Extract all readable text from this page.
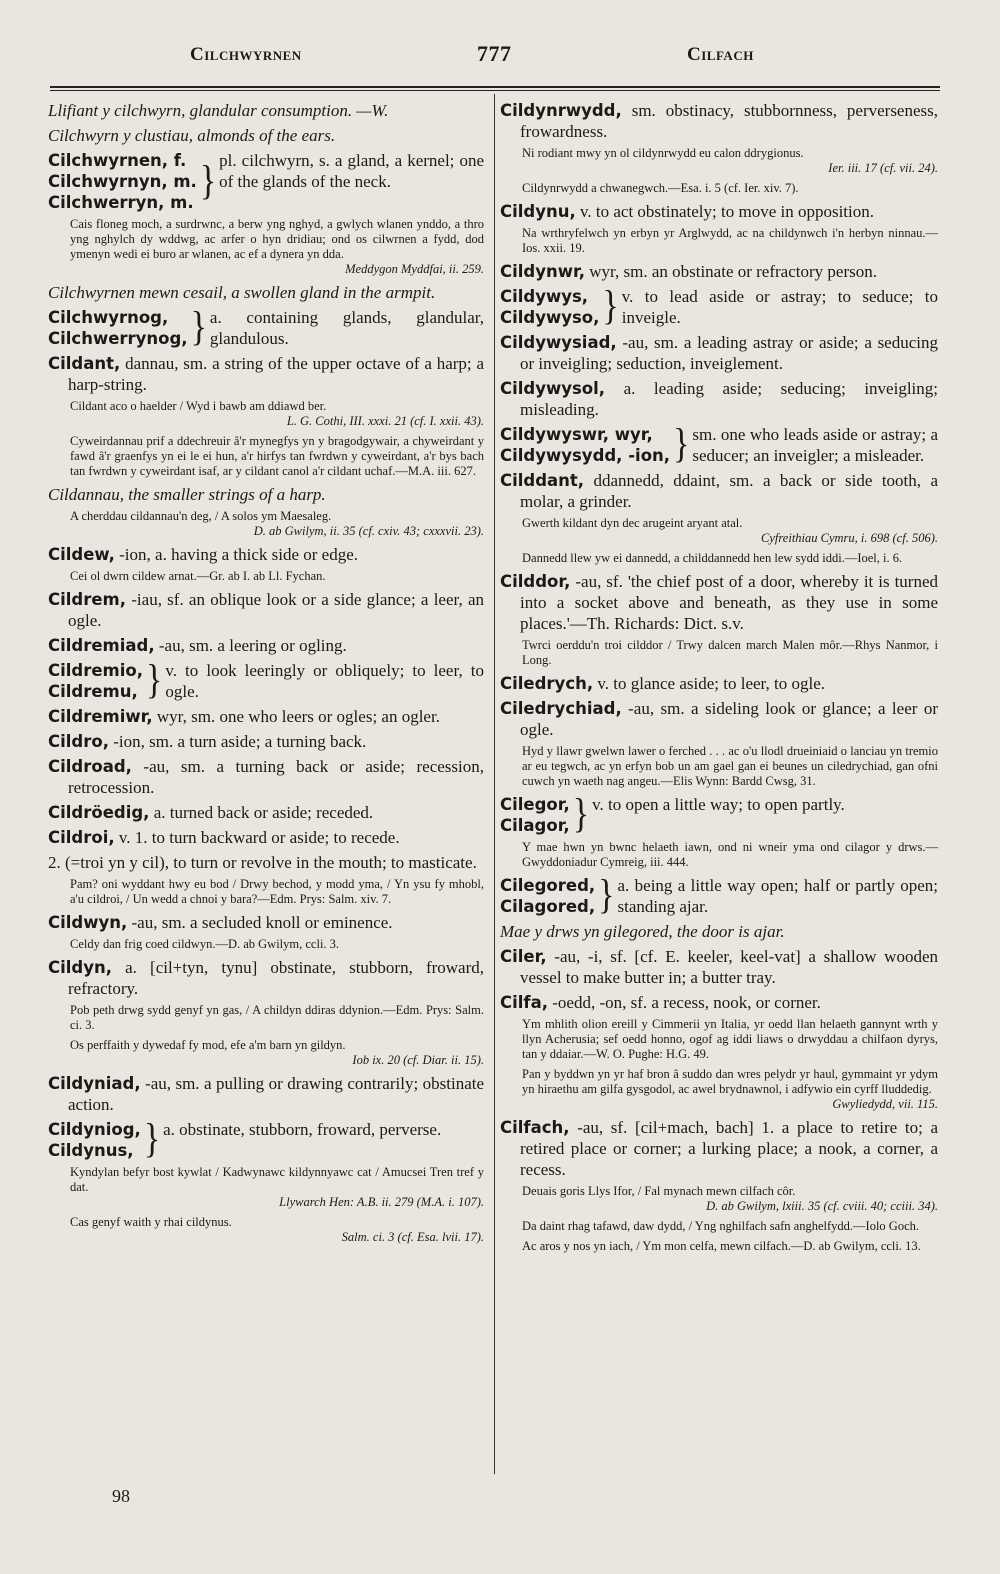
Cilchwyrnen	777	Cilfach
Llifiant y cilchwyrn, glandular consumption. —W.
Cilchwyrn y clustiau, almonds of the ears.
Cilchwyrnen, f.
Cilchwyrnyn, m.
Cilchwerryn, m. } pl. cilchwyrn, s. a gland, a kernel; one of the glands of the neck.
Cais floneg moch, a surdrwnc, a berw yng nghyd, a gwlych wlanen ynddo, a thro yng nghylch dy wddwg, ac arfer o hyn dridiau; ond os cilwrnen a fydd, dod ymenyn wedi ei buro ar wlanen, ac ef a dynera yn dda.
Meddygon Myddfai, ii. 259.
Cilchwyrnen mewn cesail, a swollen gland in the armpit.
Cilchwyrnog,
Cilchwerrynog, } a. containing glands, glandular, glandulous.
Cildant, dannau, sm. a string of the upper octave of a harp; a harp-string.
Cildant aco o haelder / Wyd i bawb am ddiawd ber.
L. G. Cothi, III. xxxi. 21 (cf. I. xxii. 43).
Cyweirdannau prif a ddechreuir â'r mynegfys yn y bragodgywair, a chyweirdant y fawd â'r graenfys yn ei le ei hun, a'r hirfys tan fwrdwn y cyweirdant, a'r bys bach tan fwrdwn y cyweirdant isaf, ar y cildant canol a'r cildant uchaf.—M.A. iii. 627.
Cildannau, the smaller strings of a harp.
A cherddau cildannau'n deg, / A solos ym Maesaleg.
D. ab Gwilym, ii. 35 (cf. cxiv. 43; cxxxvii. 23).
Cildew, -ion, a. having a thick side or edge.
Cei ol dwrn cildew arnat.—Gr. ab I. ab Ll. Fychan.
Cildrem, -iau, sf. an oblique look or a side glance; a leer, an ogle.
Cildremiad, -au, sm. a leering or ogling.
Cildremio,
Cildremu, } v. to look leeringly or obliquely; to leer, to ogle.
Cildremiwr, wyr, sm. one who leers or ogles; an ogler.
Cildro, -ion, sm. a turn aside; a turning back.
Cildroad, -au, sm. a turning back or aside; recession, retrocession.
Cildröedig, a. turned back or aside; receded.
Cildroi, v. 1. to turn backward or aside; to recede.
2. (=troi yn y cil), to turn or revolve in the mouth; to masticate.
Pam? oni wyddant hwy eu bod / Drwy bechod, y modd yma, / Yn ysu fy mhobl, a'u cildroi, / Un wedd a chnoi y bara?—Edm. Prys: Salm. xiv. 7.
Cildwyn, -au, sm. a secluded knoll or eminence.
Celdy dan frig coed cildwyn.—D. ab Gwilym, ccli. 3.
Cildyn, a. [cil+tyn, tynu] obstinate, stubborn, froward, refractory.
Pob peth drwg sydd genyf yn gas, / A childyn ddiras ddynion.—Edm. Prys: Salm. ci. 3.
Os perffaith y dywedaf fy mod, efe a'm barn yn gildyn.
Iob ix. 20 (cf. Diar. ii. 15).
Cildyniad, -au, sm. a pulling or drawing contrarily; obstinate action.
Cildyniog,
Cildynus, } a. obstinate, stubborn, froward, perverse.
Kyndylan befyr bost kywlat / Kadwynawc kildynnyawc cat / Amucsei Tren tref y dat.
Llywarch Hen: A.B. ii. 279 (M.A. i. 107).
Cas genyf waith y rhai cildynus.
Salm. ci. 3 (cf. Esa. lvii. 17).
Cildynrwydd, sm. obstinacy, stubbornness, perverseness, frowardness.
Ni rodiant mwy yn ol cildynrwydd eu calon ddrygionus.
Ier. iii. 17 (cf. vii. 24).
Cildynrwydd a chwanegwch.—Esa. i. 5 (cf. Ier. xiv. 7).
Cildynu, v. to act obstinately; to move in opposition.
Na wrthryfelwch yn erbyn yr Arglwydd, ac na childynwch i'n herbyn ninnau.—Ios. xxii. 19.
Cildynwr, wyr, sm. an obstinate or refractory person.
Cildywys,
Cildywyso, } v. to lead aside or astray; to seduce; to inveigle.
Cildywysiad, -au, sm. a leading astray or aside; a seducing or inveigling; seduction, inveiglement.
Cildywysol, a. leading aside; seducing; inveigling; misleading.
Cildywyswr, wyr,
Cildywysydd, -ion, } sm. one who leads aside or astray; a seducer; an inveigler; a misleader.
Cilddant, ddannedd, ddaint, sm. a back or side tooth, a molar, a grinder.
Gwerth kildant dyn dec arugeint aryant atal.
Cyfreithiau Cymru, i. 698 (cf. 506).
Dannedd llew yw ei dannedd, a childdannedd hen lew sydd iddi.—Ioel, i. 6.
Cilddor, -au, sf. 'the chief post of a door, whereby it is turned into a socket above and beneath, as they use in some places.'—Th. Richards: Dict. s.v.
Twrci oerddu'n troi cilddor / Trwy dalcen march Malen môr.—Rhys Nanmor, i Long.
Ciledrych, v. to glance aside; to leer, to ogle.
Ciledrychiad, -au, sm. a sideling look or glance; a leer or ogle.
Hyd y llawr gwelwn lawer o ferched . . . ac o'u llodl drueiniaid o lanciau yn tremio ar eu tegwch, ac yn erfyn bob un am gael gan ei beunes un ciledrychiad, gan ofni cuwch yn waeth nag angeu.—Elis Wynn: Bardd Cwsg, 31.
Cilegor,
Cilagor, } v. to open a little way; to open partly.
Y mae hwn yn bwnc helaeth iawn, ond ni wneir yma ond cilagor y drws.—Gwyddoniadur Cymreig, iii. 444.
Cilegored,
Cilagored, } a. being a little way open; half or partly open; standing ajar.
Mae y drws yn gilegored, the door is ajar.
Ciler, -au, -i, sf. [cf. E. keeler, keel-vat] a shallow wooden vessel to make butter in; a butter tray.
Cilfa, -oedd, -on, sf. a recess, nook, or corner.
Ym mhlith olion ereill y Cimmerii yn Italia, yr oedd llan helaeth gannynt wrth y llyn Acherusia; sef oedd honno, ogof ag iddi liaws o drwyddau a chilfaon dyrys, tan y ddaiar.—W. O. Pughe: H.G. 49.
Pan y byddwn yn yr haf bron â suddo dan wres pelydr yr haul, gymmaint yr ydym yn hiraethu am gilfa gysgodol, ac awel brydnawnol, i adfywio ein cyrff lluddedig.
Gwyliedydd, vii. 115.
Cilfach, -au, sf. [cil+mach, bach] 1. a place to retire to; a retired place or corner; a lurking place; a nook, a corner, a recess.
Deuais goris Llys Ifor, / Fal mynach mewn cilfach côr.
D. ab Gwilym, lxiii. 35 (cf. cviii. 40; cciii. 34).
Da daint rhag tafawd, daw dydd, / Yng nghilfach safn anghelfydd.—Iolo Goch.
Ac aros y nos yn iach, / Ym mon celfa, mewn cilfach.—D. ab Gwilym, ccli. 13.
98
